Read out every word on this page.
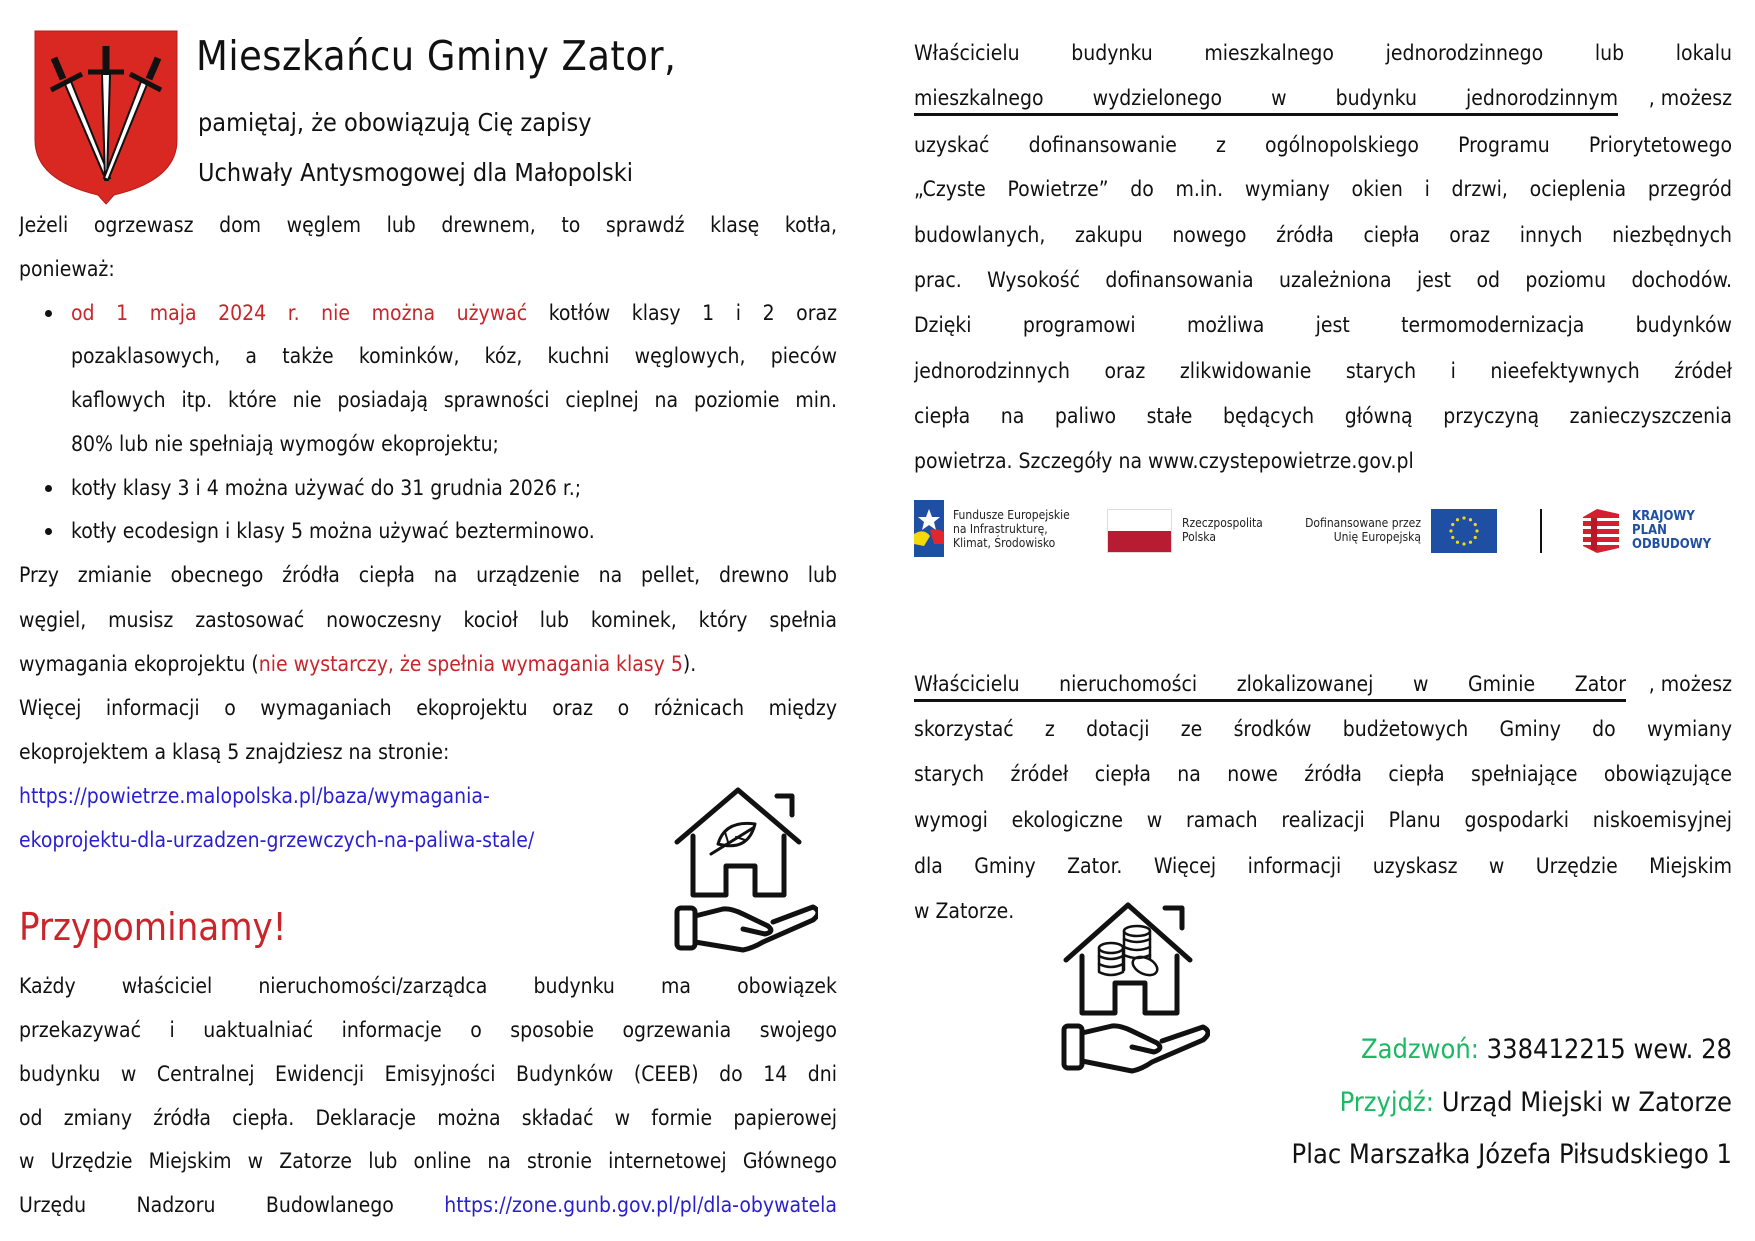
Mieszkańcu Gminy Zator,
pamiętaj, że obowiązują Cię zapisy
Uchwały Antysmogowej dla Małopolski
Jeżeli ogrzewasz dom węglem lub drewnem, to sprawdź klasę kotła,
ponieważ:
od 1 maja 2024 r. nie można używać kotłów klasy 1 i 2 oraz
pozaklasowych, a także kominków, kóz, kuchni węglowych, pieców
kaflowych itp. które nie posiadają sprawności cieplnej na poziomie min.
80% lub nie spełniają wymogów ekoprojektu;
kotły klasy 3 i 4 można używać do 31 grudnia 2026 r.;
kotły ecodesign i klasy 5 można używać bezterminowo.
Przy zmianie obecnego źródła ciepła na urządzenie na pellet, drewno lub
węgiel, musisz zastosować nowoczesny kocioł lub kominek, który spełnia
wymagania ekoprojektu (nie wystarczy, że spełnia wymagania klasy 5).
Więcej informacji o wymaganiach ekoprojektu oraz o różnicach między
ekoprojektem a klasą 5 znajdziesz na stronie:
https://powietrze.malopolska.pl/baza/wymagania-
ekoprojektu-dla-urzadzen-grzewczych-na-paliwa-stale/
Przypominamy!
Każdy właściciel nieruchomości/zarządca budynku ma obowiązek
przekazywać i uaktualniać informacje o sposobie ogrzewania swojego
budynku w Centralnej Ewidencji Emisyjności Budynków (CEEB) do 14 dni
od zmiany źródła ciepła. Deklaracje można składać w formie papierowej
w Urzędzie Miejskim w Zatorze lub online na stronie internetowej Głównego
Urzędu Nadzoru Budowlanego https://zone.gunb.gov.pl/pl/dla-obywatela
Właścicielu budynku mieszkalnego jednorodzinnego lub lokalu
mieszkalnego wydzielonego w budynku jednorodzinnym , możesz
uzyskać dofinansowanie z ogólnopolskiego Programu Priorytetowego
„Czyste Powietrze” do m.in. wymiany okien i drzwi, ocieplenia przegród
budowlanych, zakupu nowego źródła ciepła oraz innych niezbędnych
prac. Wysokość dofinansowania uzależniona jest od poziomu dochodów.
Dzięki programowi możliwa jest termomodernizacja budynków
jednorodzinnych oraz zlikwidowanie starych i nieefektywnych źródeł
ciepła na paliwo stałe będących główną przyczyną zanieczyszczenia
powietrza. Szczegóły na www.czystepowietrze.gov.pl
Fundusze Europejskie
na Infrastrukturę,
Klimat, Środowisko
Rzeczpospolita
Polska
Dofinansowane przez
Unię Europejską
KRAJOWY
PLAN
ODBUDOWY
Właścicielu nieruchomości zlokalizowanej w Gminie Zator , możesz
skorzystać z dotacji ze środków budżetowych Gminy do wymiany
starych źródeł ciepła na nowe źródła ciepła spełniające obowiązujące
wymogi ekologiczne w ramach realizacji Planu gospodarki niskoemisyjnej
dla Gminy Zator. Więcej informacji uzyskasz w Urzędzie Miejskim
w Zatorze.
Zadzwoń: 338412215 wew. 28
Przyjdź: Urząd Miejski w Zatorze
Plac Marszałka Józefa Piłsudskiego 1
